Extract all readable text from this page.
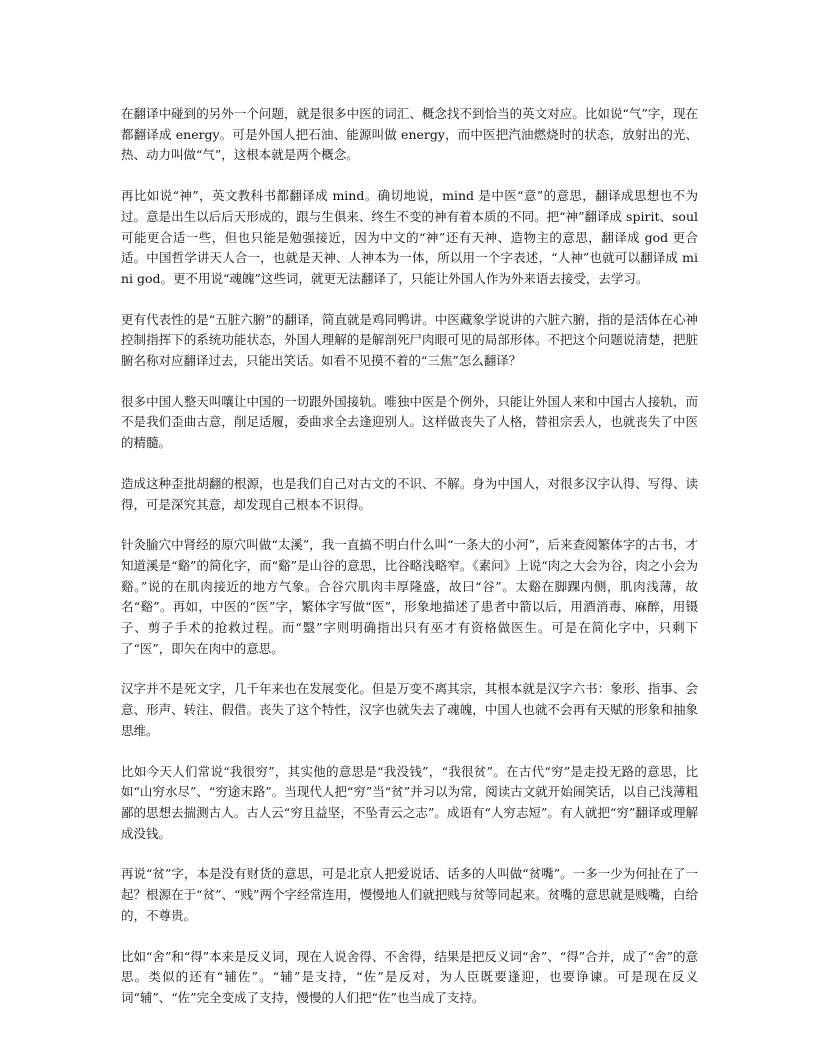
在翻译中碰到的另外一个问题，就是很多中医的词汇、概念找不到恰当的英文对应。比如说“气”字，现在都翻译成 energy。可是外国人把石油、能源叫做 energy，而中医把汽油燃烧时的状态，放射出的光、热、动力叫做“气”，这根本就是两个概念。

再比如说“神”，英文教科书都翻译成 mind。确切地说，mind 是中医“意”的意思，翻译成思想也不为过。意是出生以后后天形成的，跟与生俱来、终生不变的神有着本质的不同。把“神”翻译成 spirit、soul 可能更合适一些，但也只能是勉强接近，因为中文的“神”还有天神、造物主的意思，翻译成 god 更合适。中国哲学讲天人合一，也就是天神、人神本为一体，所以用一个字表述，“人神”也就可以翻译成 mini god。更不用说“魂魄”这些词，就更无法翻译了，只能让外国人作为外来语去接受，去学习。

更有代表性的是“五脏六腑”的翻译，简直就是鸡同鸭讲。中医藏象学说讲的六脏六腑，指的是活体在心神控制指挥下的系统功能状态，外国人理解的是解剖死尸肉眼可见的局部形体。不把这个问题说清楚，把脏腑名称对应翻译过去，只能出笑话。如看不见摸不着的“三焦”怎么翻译？

很多中国人整天叫嚷让中国的一切跟外国接轨。唯独中医是个例外，只能让外国人来和中国古人接轨，而不是我们歪曲古意，削足适履，委曲求全去逢迎别人。这样做丧失了人格，替祖宗丢人，也就丧失了中医的精髓。

造成这种歪批胡翻的根源，也是我们自己对古文的不识、不解。身为中国人，对很多汉字认得、写得、读得，可是深究其意，却发现自己根本不识得。

针灸腧穴中肾经的原穴叫做“太溪”，我一直搞不明白什么叫“一条大的小河”，后来查阅繁体字的古书，才知道溪是“谿”的简化字，而“谿”是山谷的意思，比谷略浅略窄。《素问》上说“肉之大会为谷，肉之小会为谿。”说的在肌肉接近的地方气象。合谷穴肌肉丰厚隆盛，故曰“谷”。太谿在脚踝内侧，肌肉浅薄，故名“谿”。再如，中医的“医”字，繁体字写做“医”，形象地描述了患者中箭以后，用酒消毒、麻醉，用镊子、剪子手术的抢救过程。而“毉”字则明确指出只有巫才有资格做医生。可是在简化字中，只剩下了“医”，即矢在肉中的意思。

汉字并不是死文字，几千年来也在发展变化。但是万变不离其宗，其根本就是汉字六书：象形、指事、会意、形声、转注、假借。丧失了这个特性，汉字也就失去了魂魄，中国人也就不会再有天赋的形象和抽象思维。

比如今天人们常说“我很穷”，其实他的意思是“我没钱”，“我很贫”。在古代“穷”是走投无路的意思，比如“山穷水尽”、“穷途末路”。当现代人把“穷”当“贫”并习以为常，阅读古文就开始闹笑话，以自己浅薄粗鄙的思想去揣测古人。古人云“穷且益坚，不坠青云之志”。成语有“人穷志短”。有人就把“穷”翻译或理解成没钱。

再说“贫”字，本是没有财货的意思，可是北京人把爱说话、话多的人叫做“贫嘴”。一多一少为何扯在了一起？根源在于“贫”、“贱”两个字经常连用，慢慢地人们就把贱与贫等同起来。贫嘴的意思就是贱嘴，白给的，不尊贵。

比如“舍”和“得”本来是反义词，现在人说舍得、不舍得，结果是把反义词“舍”、“得”合并，成了“舍”的意思。类似的还有“辅佐”。“辅”是支持，“佐”是反对，为人臣既要逢迎，也要诤谏。可是现在反义词“辅”、“佐”完全变成了支持，慢慢的人们把“佐”也当成了支持。
